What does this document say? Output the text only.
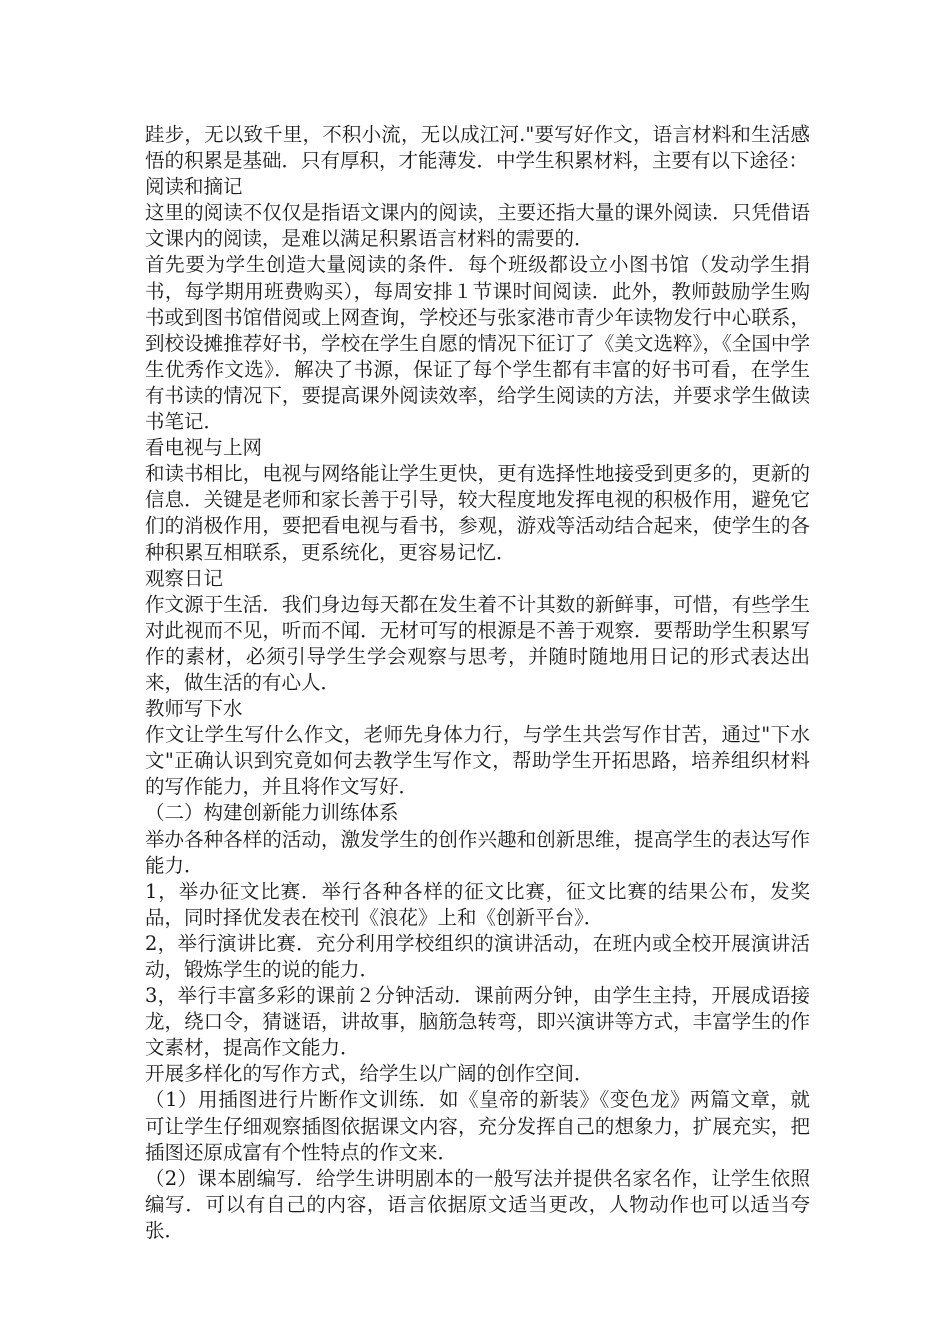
跬步，无以致千里，不积小流，无以成江河."要写好作文，语言材料和生活感悟的积累是基础．只有厚积，才能薄发．中学生积累材料，主要有以下途径：

阅读和摘记

这里的阅读不仅仅是指语文课内的阅读，主要还指大量的课外阅读．只凭借语文课内的阅读，是难以满足积累语言材料的需要的．

首先要为学生创造大量阅读的条件．每个班级都设立小图书馆（发动学生捐书，每学期用班费购买），每周安排１节课时间阅读．此外，教师鼓励学生购书或到图书馆借阅或上网查询，学校还与张家港市青少年读物发行中心联系，到校设摊推荐好书，学校在学生自愿的情况下征订了《美文选粹》，《全国中学生优秀作文选》．解决了书源，保证了每个学生都有丰富的好书可看，在学生有书读的情况下，要提高课外阅读效率，给学生阅读的方法，并要求学生做读书笔记．

看电视与上网

和读书相比，电视与网络能让学生更快，更有选择性地接受到更多的，更新的信息．关键是老师和家长善于引导，较大程度地发挥电视的积极作用，避免它们的消极作用，要把看电视与看书，参观，游戏等活动结合起来，使学生的各种积累互相联系，更系统化，更容易记忆．

观察日记

作文源于生活．我们身边每天都在发生着不计其数的新鲜事，可惜，有些学生对此视而不见，听而不闻．无材可写的根源是不善于观察．要帮助学生积累写作的素材，必须引导学生学会观察与思考，并随时随地用日记的形式表达出来，做生活的有心人．

教师写下水

作文让学生写什么作文，老师先身体力行，与学生共尝写作甘苦，通过"下水文"正确认识到究竟如何去教学生写作文，帮助学生开拓思路，培养组织材料的写作能力，并且将作文写好．

（二）构建创新能力训练体系

举办各种各样的活动，激发学生的创作兴趣和创新思维，提高学生的表达写作能力．

1，举办征文比赛．举行各种各样的征文比赛，征文比赛的结果公布，发奖品，同时择优发表在校刊《浪花》上和《创新平台》．

2，举行演讲比赛．充分利用学校组织的演讲活动，在班内或全校开展演讲活动，锻炼学生的说的能力．

3，举行丰富多彩的课前２分钟活动．课前两分钟，由学生主持，开展成语接龙，绕口令，猜谜语，讲故事，脑筋急转弯，即兴演讲等方式，丰富学生的作文素材，提高作文能力．

开展多样化的写作方式，给学生以广阔的创作空间．

（1）用插图进行片断作文训练．如《皇帝的新装》《变色龙》两篇文章，就可让学生仔细观察插图依据课文内容，充分发挥自己的想象力，扩展充实，把插图还原成富有个性特点的作文来．

（2）课本剧编写．给学生讲明剧本的一般写法并提供名家名作，让学生依照编写．可以有自己的内容，语言依据原文适当更改，人物动作也可以适当夸张．
